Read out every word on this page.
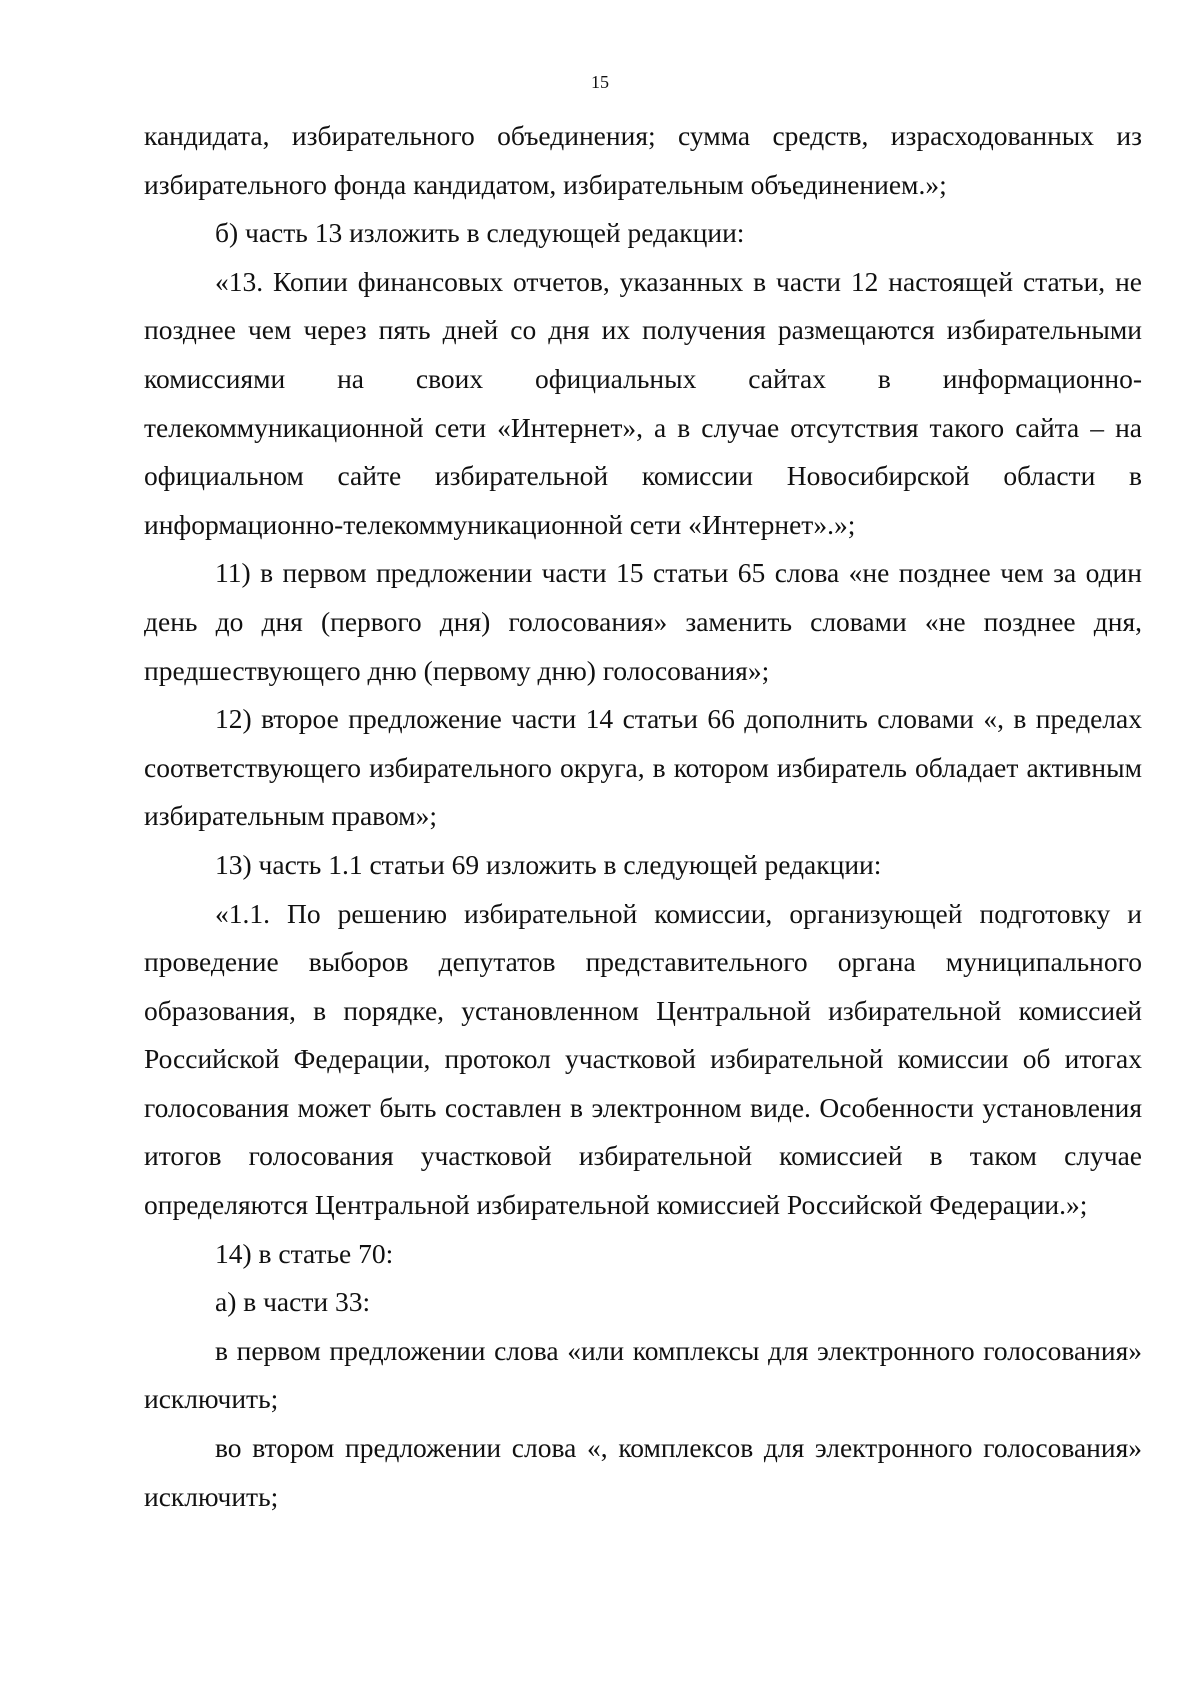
15

кандидата, избирательного объединения; сумма средств, израсходованных из избирательного фонда кандидатом, избирательным объединением.»;

б) часть 13 изложить в следующей редакции:

«13. Копии финансовых отчетов, указанных в части 12 настоящей статьи, не позднее чем через пять дней со дня их получения размещаются избирательными комиссиями на своих официальных сайтах в информационно-телекоммуникационной сети «Интернет», а в случае отсутствия такого сайта – на официальном сайте избирательной комиссии Новосибирской области в информационно-телекоммуникационной сети «Интернет».»;

11) в первом предложении части 15 статьи 65 слова «не позднее чем за один день до дня (первого дня) голосования» заменить словами «не позднее дня, предшествующего дню (первому дню) голосования»;

12) второе предложение части 14 статьи 66 дополнить словами «, в пределах соответствующего избирательного округа, в котором избиратель обладает активным избирательным правом»;

13) часть 1.1 статьи 69 изложить в следующей редакции:

«1.1. По решению избирательной комиссии, организующей подготовку и проведение выборов депутатов представительного органа муниципального образования, в порядке, установленном Центральной избирательной комиссией Российской Федерации, протокол участковой избирательной комиссии об итогах голосования может быть составлен в электронном виде. Особенности установления итогов голосования участковой избирательной комиссией в таком случае определяются Центральной избирательной комиссией Российской Федерации.»;

14) в статье 70:

а) в части 33:

в первом предложении слова «или комплексы для электронного голосования» исключить;

во втором предложении слова «, комплексов для электронного голосования» исключить;
